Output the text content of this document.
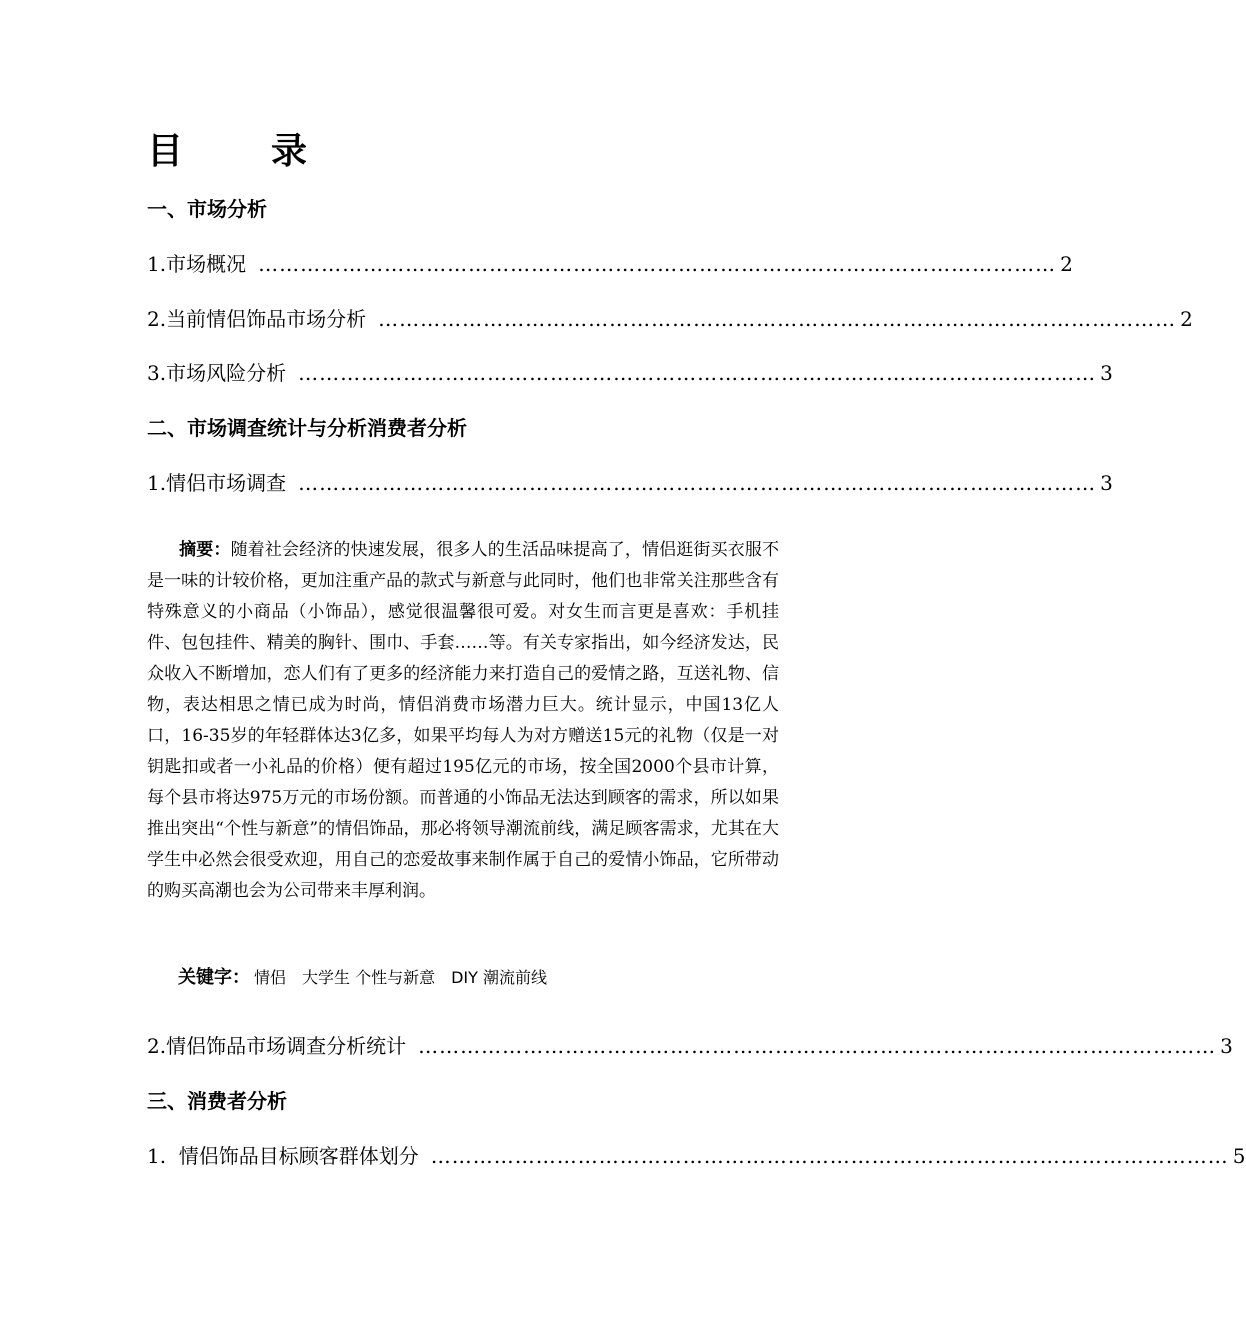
目　录
一、市场分析
1.市场概况 …………………………………………………………………………………………………… 2
2.当前情侣饰品市场分析 …………………………………………………………………………………………………… 2
3.市场风险分析 …………………………………………………………………………………………………… 3
二、市场调查统计与分析消费者分析
1.情侣市场调查 …………………………………………………………………………………………………… 3

摘要：随着社会经济的快速发展，很多人的生活品味提高了，情侣逛街买衣服不是一味的计较价格，更加注重产品的款式与新意与此同时，他们也非常关注那些含有特殊意义的小商品（小饰品），感觉很温馨很可爱。对女生而言更是喜欢：手机挂件、包包挂件、精美的胸针、围巾、手套……等。有关专家指出，如今经济发达，民众收入不断增加，恋人们有了更多的经济能力来打造自己的爱情之路，互送礼物、信物，表达相思之情已成为时尚，情侣消费市场潜力巨大。统计显示，中国13亿人口，16-35岁的年轻群体达3亿多，如果平均每人为对方赠送15元的礼物（仅是一对钥匙扣或者一小礼品的价格）便有超过195亿元的市场，按全国2000个县市计算，每个县市将达975万元的市场份额。而普通的小饰品无法达到顾客的需求，所以如果推出突出“个性与新意”的情侣饰品，那必将领导潮流前线，满足顾客需求，尤其在大学生中必然会很受欢迎，用自己的恋爱故事来制作属于自己的爱情小饰品，它所带动的购买高潮也会为公司带来丰厚利润。

关键字： 情侣　大学生 个性与新意　DIY 潮流前线
2.情侣饰品市场调查分析统计 …………………………………………………………………………………………………… 3
三、消费者分析
1.  情侣饰品目标顾客群体划分 …………………………………………………………………………………………………… 5
